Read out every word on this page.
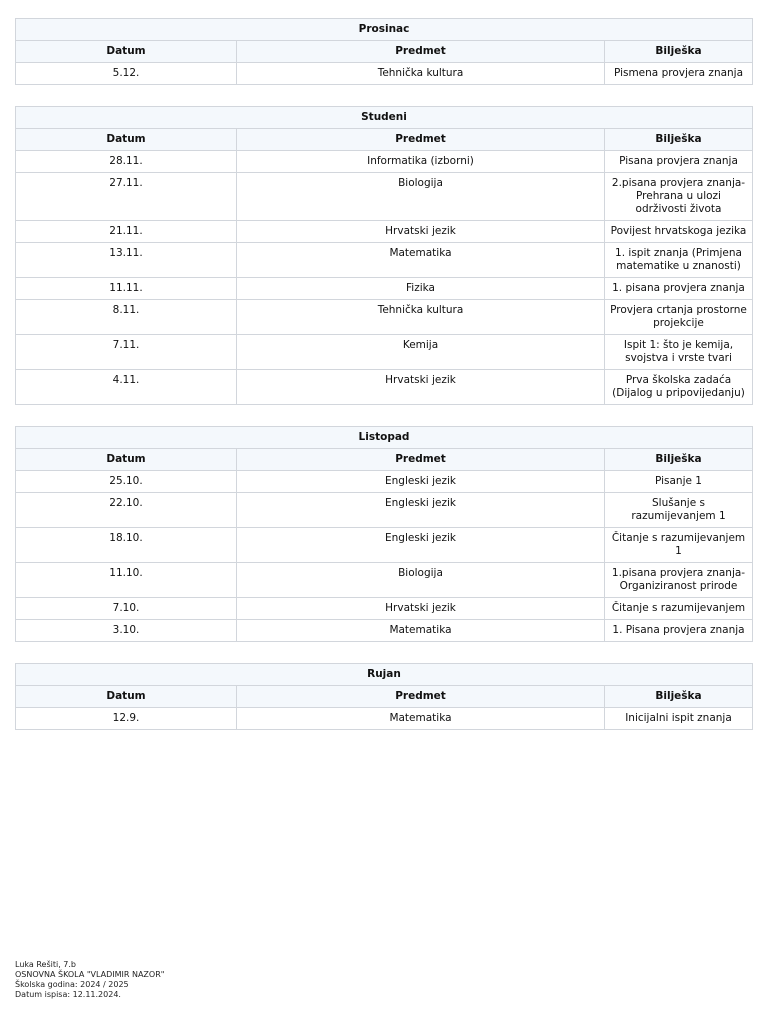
Prosinac		
Datum	Predmet	Bilješka
5.12.	Tehnička kultura	Pismena provjera znanja
Studeni		
Datum	Predmet	Bilješka
28.11.	Informatika (izborni)	Pisana provjera znanja
27.11.	Biologija	2.pisana provjera znanja- Prehrana u ulozi održivosti života
21.11.	Hrvatski jezik	Povijest hrvatskoga jezika
13.11.	Matematika	1. ispit znanja (Primjena matematike u znanosti)
11.11.	Fizika	1. pisana provjera znanja
8.11.	Tehnička kultura	Provjera crtanja prostorne projekcije
7.11.	Kemija	Ispit 1: što je kemija, svojstva i vrste tvari
4.11.	Hrvatski jezik	Prva školska zadaća (Dijalog u pripovijedanju)
Listopad		
Datum	Predmet	Bilješka
25.10.	Engleski jezik	Pisanje 1
22.10.	Engleski jezik	Slušanje s razumijevanjem 1
18.10.	Engleski jezik	Čitanje s razumijevanjem 1
11.10.	Biologija	1.pisana provjera znanja- Organiziranost prirode
7.10.	Hrvatski jezik	Čitanje s razumijevanjem
3.10.	Matematika	1. Pisana provjera znanja
Rujan		
Datum	Predmet	Bilješka
12.9.	Matematika	Inicijalni ispit znanja
Luka Rešiti, 7.b
OSNOVNA ŠKOLA "VLADIMIR NAZOR"
Školska godina: 2024 / 2025
Datum ispisa: 12.11.2024.
